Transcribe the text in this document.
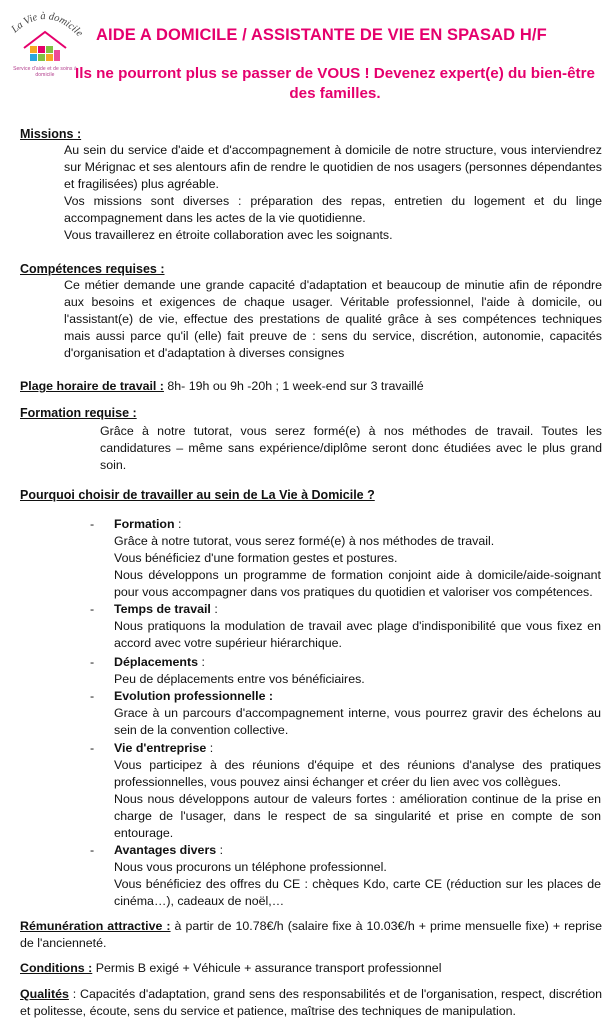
La Vie à domicil
Service d'aide et de soins à domicile
AIDE A DOMICILE / ASSISTANTE DE VIE EN SPASAD H/F
Ils ne pourront plus se passer de VOUS ! Devenez expert(e) du bien-être des familles.
Missions :
Au sein du service d'aide et d'accompagnement à domicile de notre structure, vous interviendrez sur Mérignac et ses alentours afin de rendre le quotidien de nos usagers (personnes dépendantes et fragilisées) plus agréable.
Vos missions sont diverses : préparation des repas, entretien du logement et du linge accompagnement dans les actes de la vie quotidienne.
Vous travaillerez en étroite collaboration avec les soignants.
Compétences requises :
Ce métier demande une grande capacité d'adaptation et beaucoup de minutie afin de répondre aux besoins et exigences de chaque usager. Véritable professionnel, l'aide à domicile, ou l'assistant(e) de vie, effectue des prestations de qualité grâce à ses compétences techniques mais aussi parce qu'il (elle) fait preuve de : sens du service, discrétion, autonomie, capacités d'organisation et d'adaptation à diverses consignes
Plage horaire de travail : 8h- 19h ou 9h -20h ; 1 week-end sur 3 travaillé
Formation requise :
Grâce à notre tutorat, vous serez formé(e) à nos méthodes de travail. Toutes les candidatures – même sans expérience/diplôme seront donc étudiées avec le plus grand soin.
Pourquoi choisir de travailler au sein de La Vie à Domicile ?
- Formation :
Grâce à notre tutorat, vous serez formé(e) à nos méthodes de travail.
Vous bénéficiez d'une formation gestes et postures.
Nous développons un programme de formation conjoint aide à domicile/aide-soignant pour vous accompagner dans vos pratiques du quotidien et valoriser vos compétences.
- Temps de travail :
Nous pratiquons la modulation de travail avec plage d'indisponibilité que vous fixez en accord avec votre supérieur hiérarchique.
- Déplacements :
Peu de déplacements entre vos bénéficiaires.
- Evolution professionnelle :
Grace à un parcours d'accompagnement interne, vous pourrez gravir des échelons au sein de la convention collective.
- Vie d'entreprise :
Vous participez à des réunions d'équipe et des réunions d'analyse des pratiques professionnelles, vous pouvez ainsi échanger et créer du lien avec vos collègues.
Nous nous développons autour de valeurs fortes : amélioration continue de la prise en charge de l'usager, dans le respect de sa singularité et prise en compte de son entourage.
- Avantages divers :
Nous vous procurons un téléphone professionnel.
Vous bénéficiez des offres du CE : chèques Kdo, carte CE (réduction sur les places de cinéma…), cadeaux de noël,…
Rémunération attractive : à partir de 10.78€/h (salaire fixe à 10.03€/h + prime mensuelle fixe) + reprise de l'ancienneté.
Conditions : Permis B exigé + Véhicule + assurance transport professionnel
Qualités : Capacités d'adaptation, grand sens des responsabilités et de l'organisation, respect, discrétion et politesse, écoute, sens du service et patience, maîtrise des techniques de manipulation.
